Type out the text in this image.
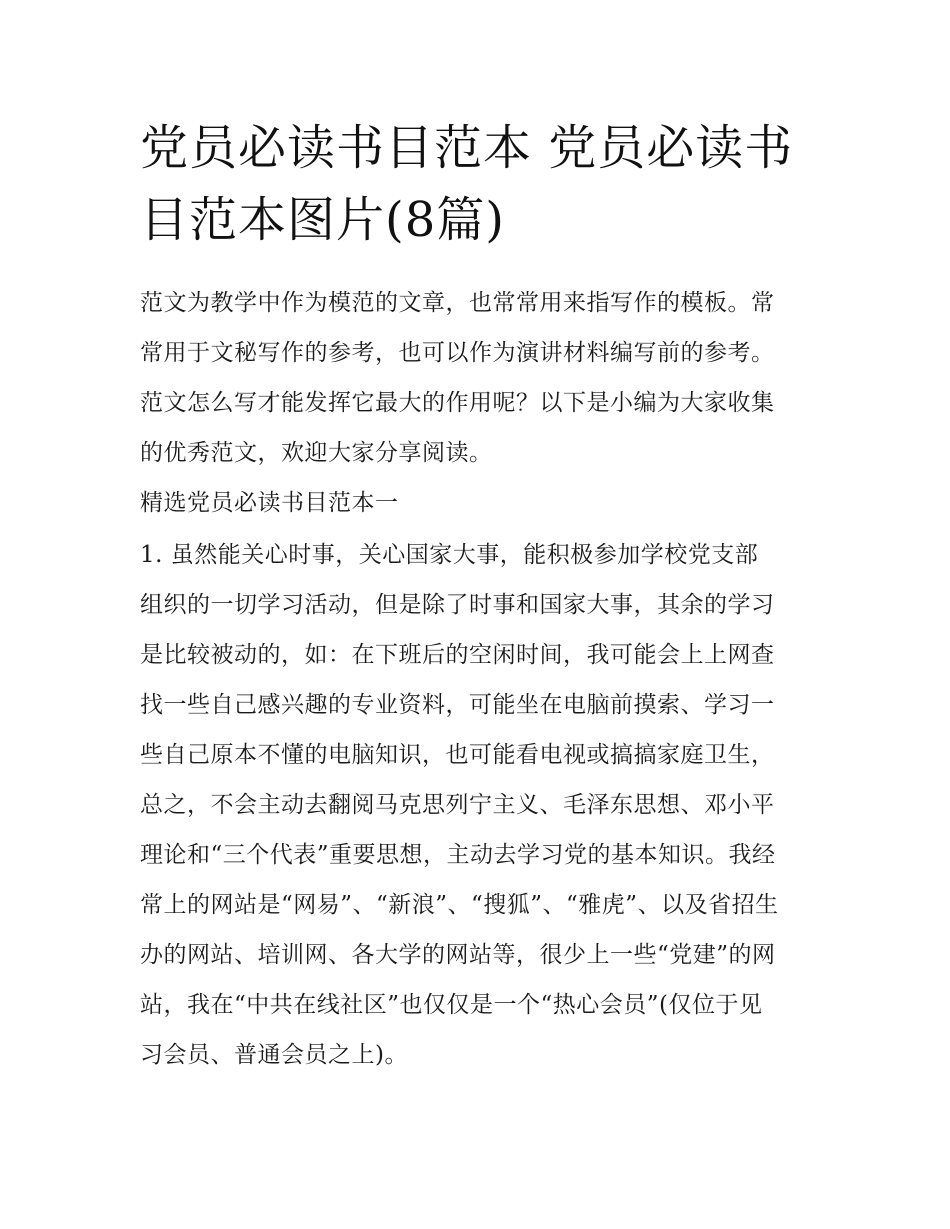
党员必读书目范本 党员必读书
目范本图片(8篇)
范文为教学中作为模范的文章，也常常用来指写作的模板。常
常用于文秘写作的参考，也可以作为演讲材料编写前的参考。
范文怎么写才能发挥它最大的作用呢？以下是小编为大家收集
的优秀范文，欢迎大家分享阅读。
精选党员必读书目范本一
1. 虽然能关心时事，关心国家大事，能积极参加学校党支部
组织的一切学习活动，但是除了时事和国家大事，其余的学习
是比较被动的，如：在下班后的空闲时间，我可能会上上网查
找一些自己感兴趣的专业资料，可能坐在电脑前摸索、学习一
些自己原本不懂的电脑知识，也可能看电视或搞搞家庭卫生，
总之，不会主动去翻阅马克思列宁主义、毛泽东思想、邓小平
理论和“三个代表”重要思想，主动去学习党的基本知识。我经
常上的网站是“网易”、“新浪”、“搜狐”、“雅虎”、以及省招生
办的网站、培训网、各大学的网站等，很少上一些“党建”的网
站，我在“中共在线社区”也仅仅是一个“热心会员”(仅位于见
习会员、普通会员之上)。
